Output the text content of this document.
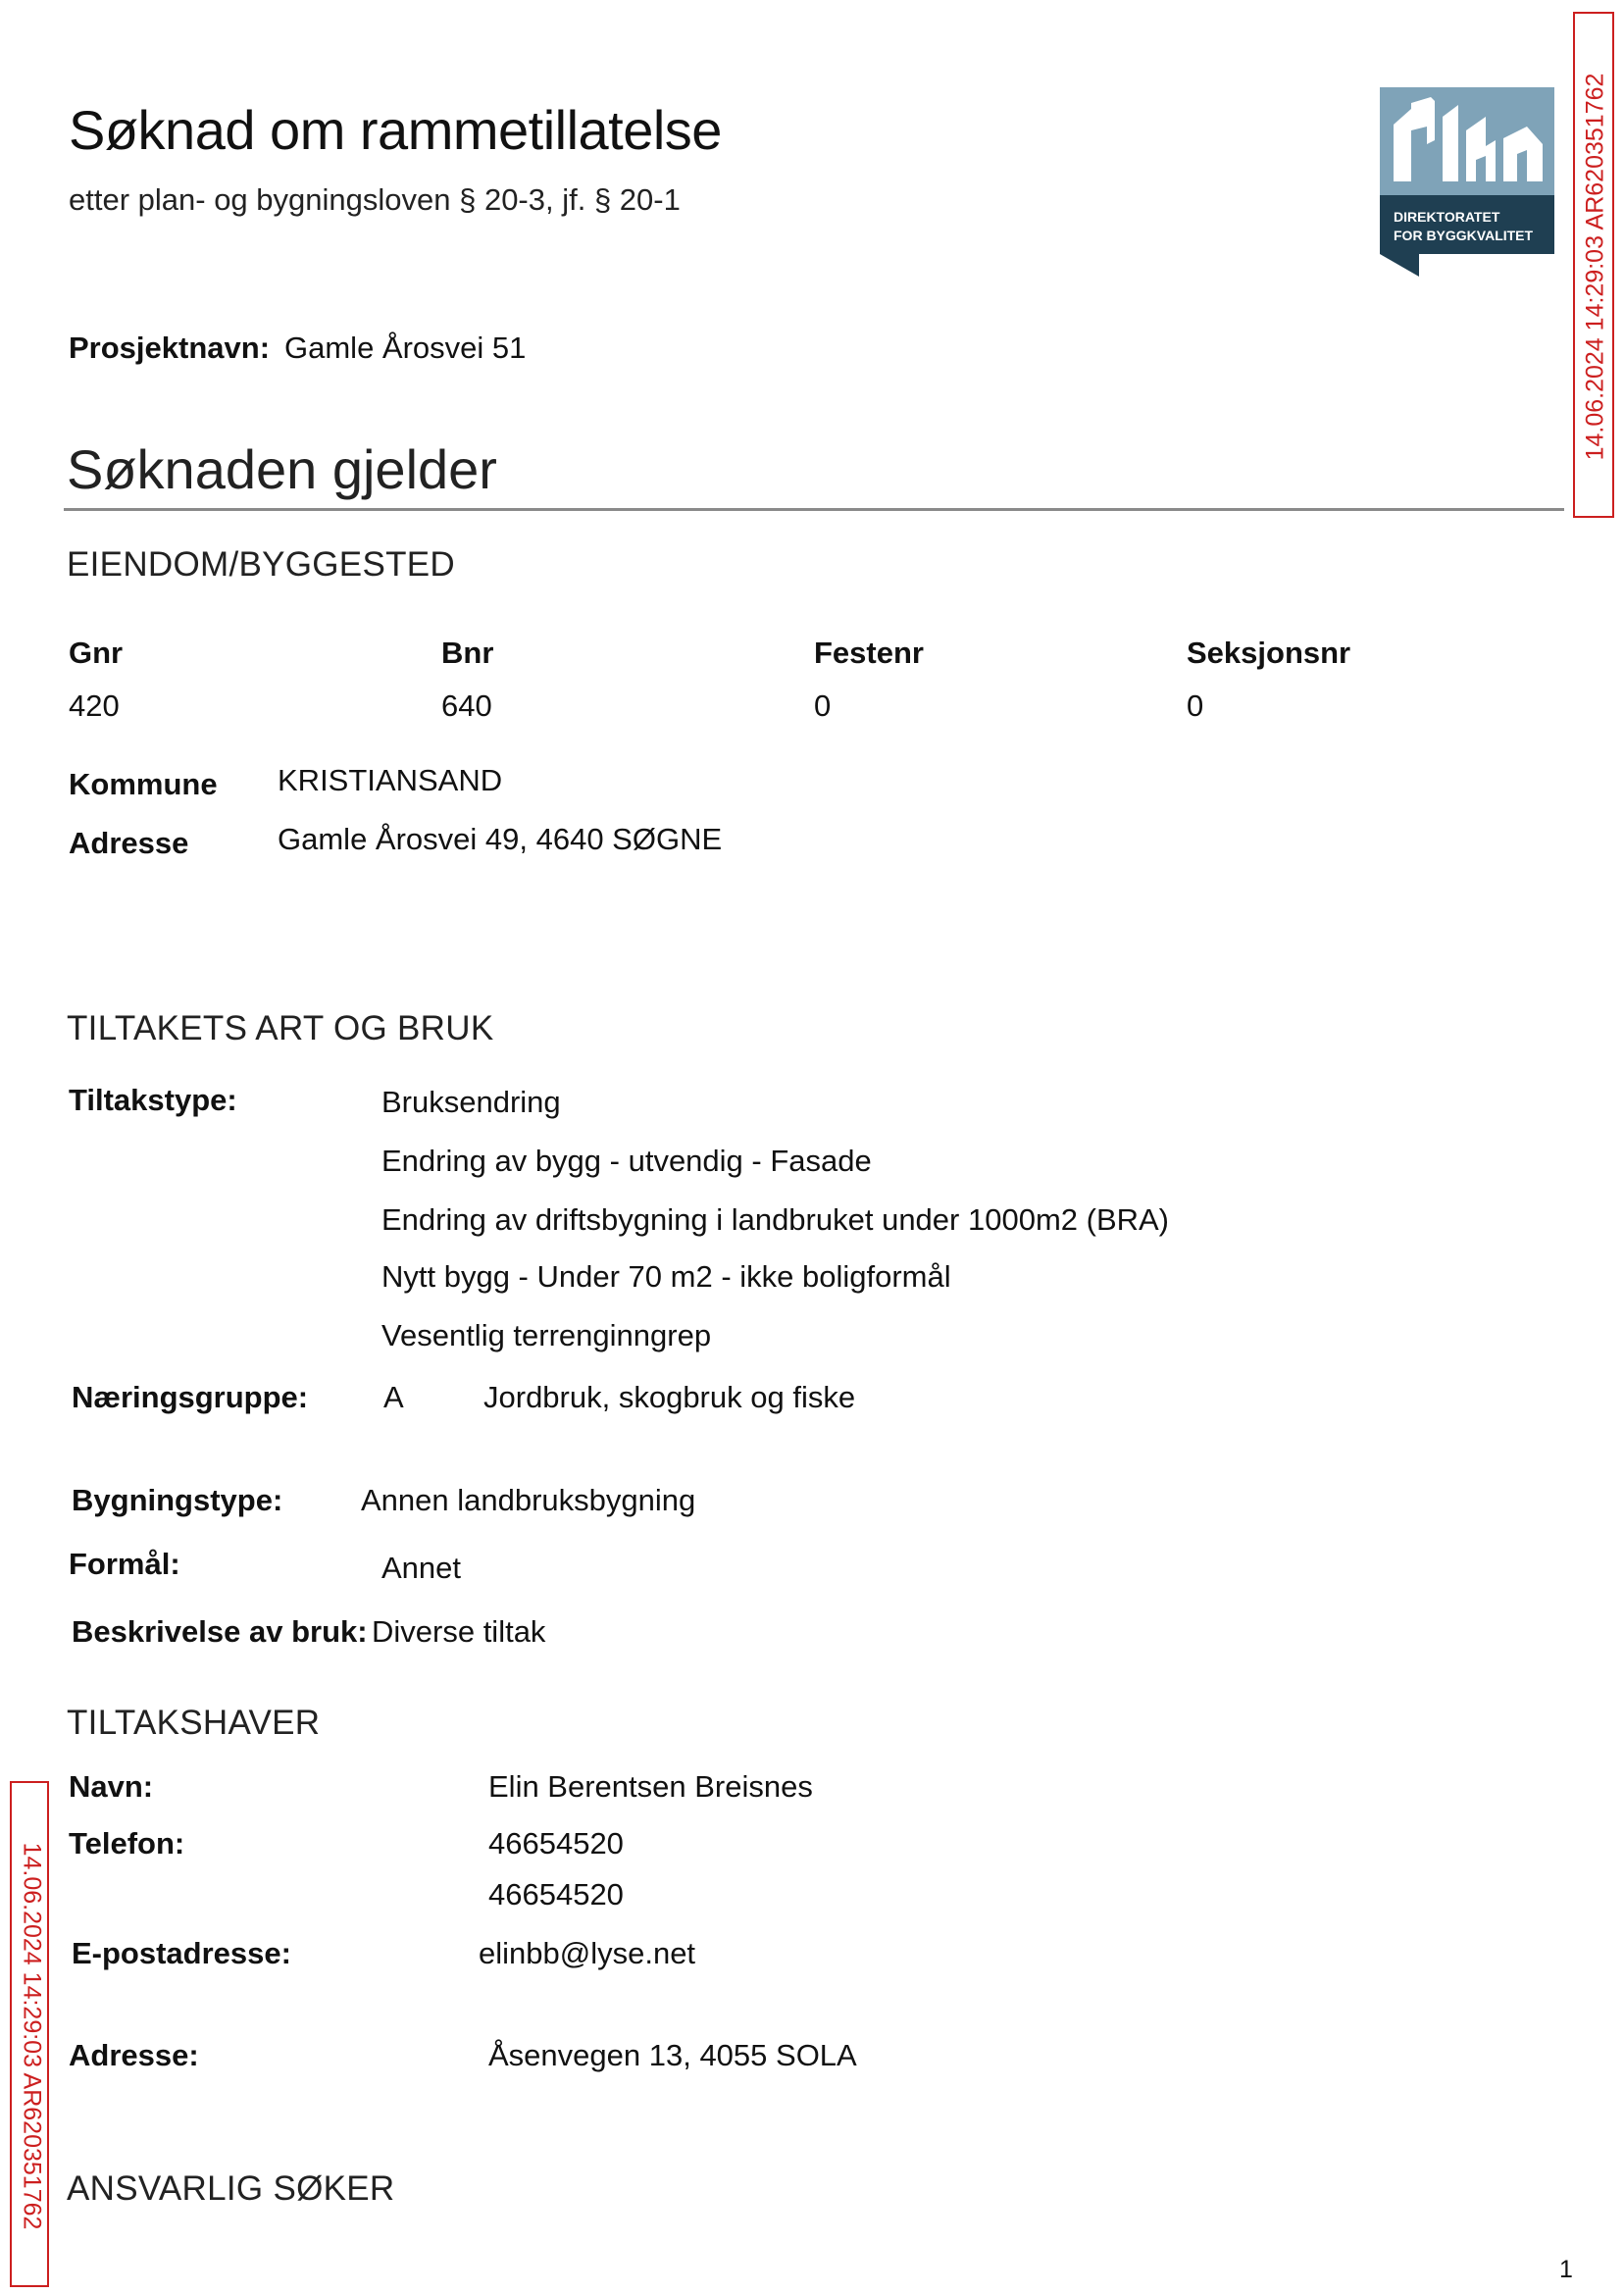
Søknad om rammetillatelse
etter plan- og bygningsloven § 20-3, jf. § 20-1	DIREKTORATET
FOR BYGGKVALITET 14.06.2024 14:29:03 AR620351762
Prosjektnavn: Gamle Årosvei 51
Søknaden gjelder
EIENDOM/BYGGESTED
Gnr	Bnr	Festenr	Seksjonsnr
420	640	0	0
Kommune KRISTIANSAND
Adresse	Gamle Årosvei 49, 4640 SØGNE
TILTAKETS ART OG BRUK
Tiltakstype:	Bruksendring
Endring av bygg - utvendig - Fasade
Endring av driftsbygning i landbruket under 1000m2 (BRA)
Nytt bygg - Under 70 m2 - ikke boligformål
Vesentlig terrenginngrep
Næringsgruppe: A	Jordbruk, skogbruk og fiske
Bygningstype:	Annen landbruksbygning
Formål:	Annet
Beskrivelse av bruk: Diverse tiltak
TILTAKSHAVER
Navn:	Elin Berentsen Breisnes
Telefon:	46654520
46654520
E-postadresse:	elinbb@lyse.net
Adresse:	Åsenvegen 13, 4055 SOLA
ANSVARLIG SØKER
14.06.2024 14:29:03 AR620351762
1
